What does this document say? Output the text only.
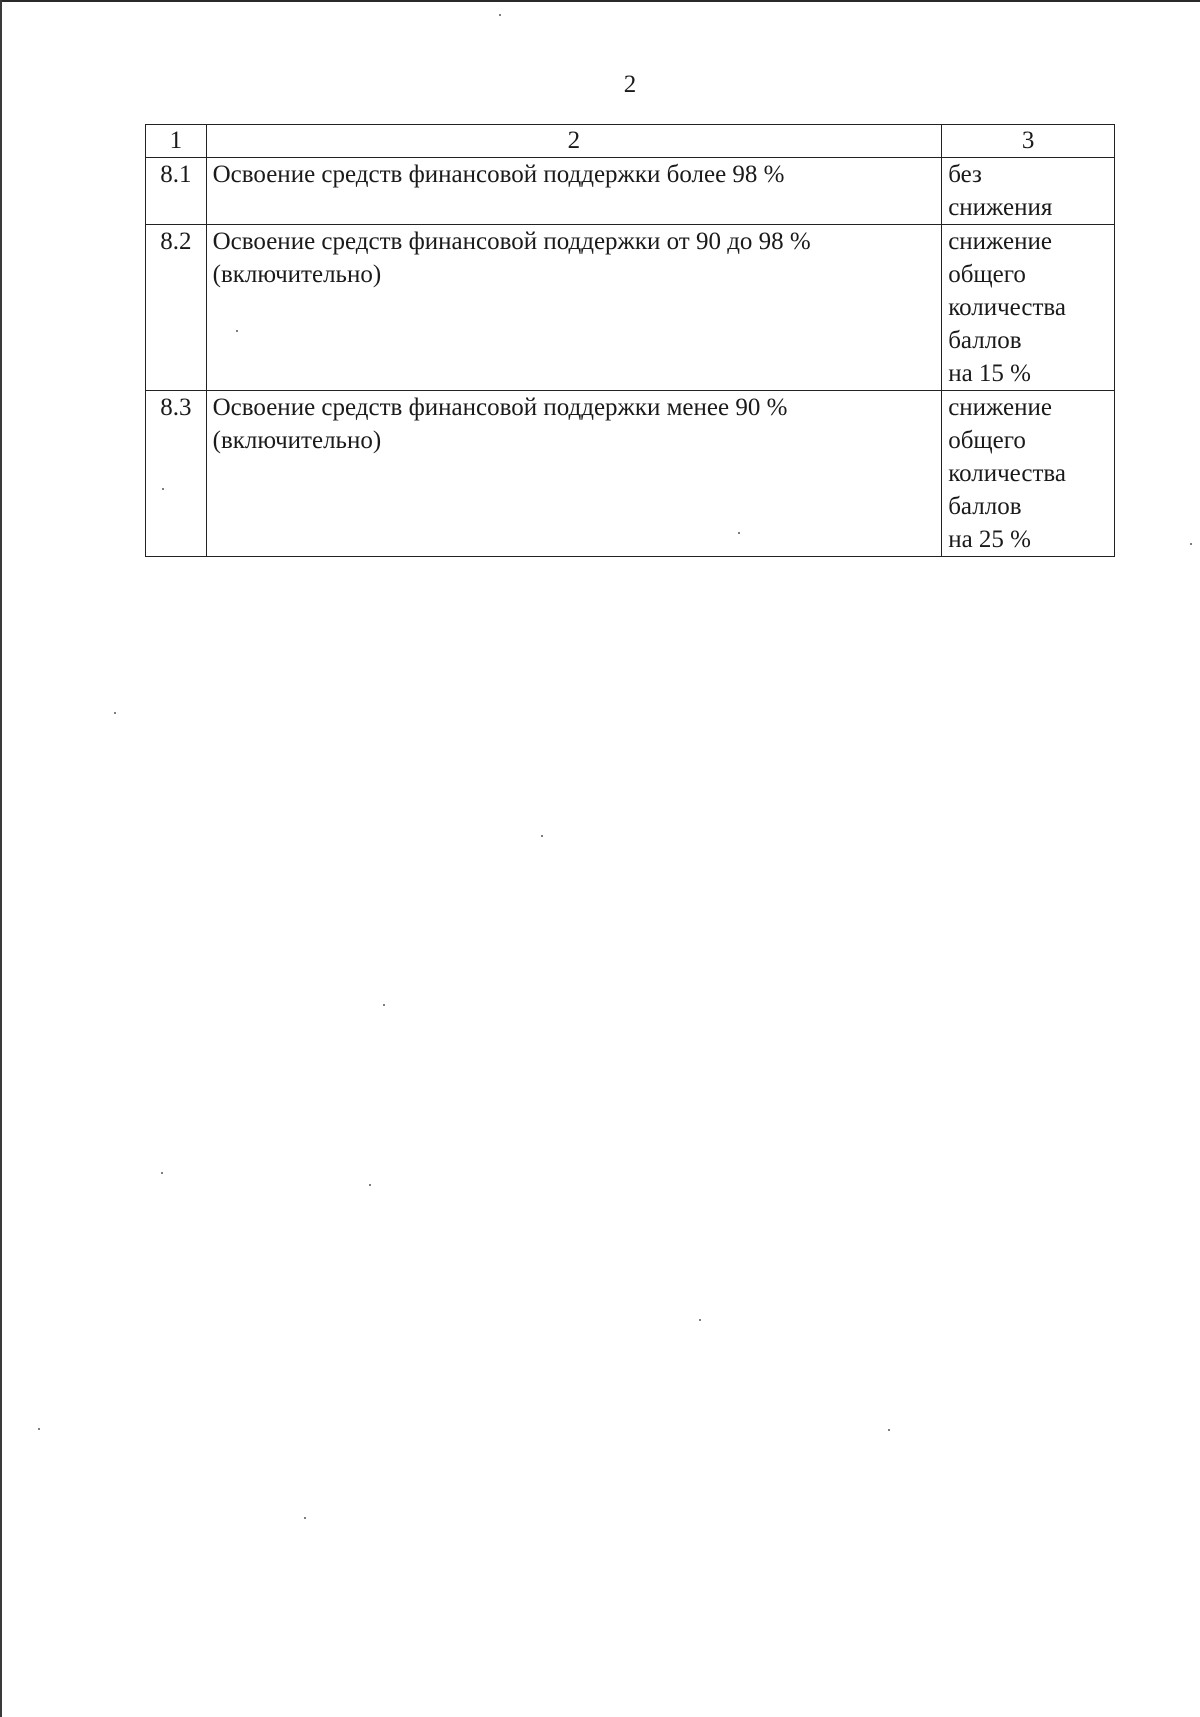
2
1	2	3
8.1	Освоение средств финансовой поддержки более 98 %	без
снижения

8.2	Освоение средств финансовой поддержки от 90 до 98 % (включительно)	снижение
общего
количества
баллов
на 15 %

8.3	Освоение средств финансовой поддержки менее 90 % (включительно)	снижение
общего
количества
баллов
на 25 %
